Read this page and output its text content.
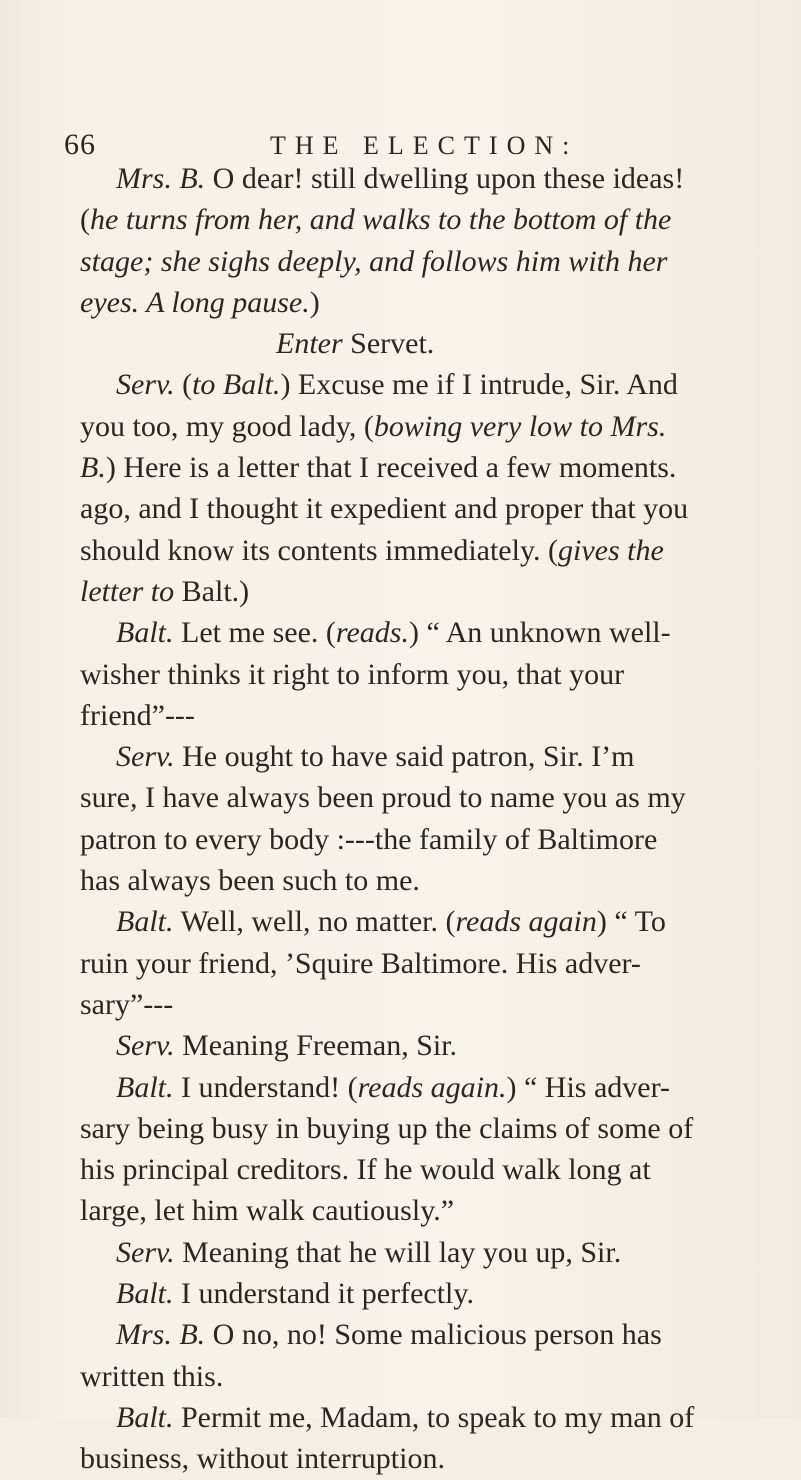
66	THE ELECTION:
Mrs. B. O dear! still dwelling upon these ideas!
(he turns from her, and walks to the bottom of the
stage; she sighs deeply, and follows him with her
eyes. A long pause.)
Enter Servet.
Serv. (to Balt.) Excuse me if I intrude, Sir. And
you too, my good lady, (bowing very low to Mrs.
B.) Here is a letter that I received a few moments.
ago, and I thought it expedient and proper that you
should know its contents immediately. (gives the
letter to Balt.)
Balt. Let me see. (reads.) “ An unknown well-
wisher thinks it right to inform you, that your
friend”---
Serv. He ought to have said patron, Sir. I’m
sure, I have always been proud to name you as my
patron to every body :---the family of Baltimore
has always been such to me.
Balt. Well, well, no matter. (reads again) “ To
ruin your friend, ’Squire Baltimore. His adver-
sary”---
Serv. Meaning Freeman, Sir.
Balt. I understand! (reads again.) “ His adver-
sary being busy in buying up the claims of some of
his principal creditors. If he would walk long at
large, let him walk cautiously.”
Serv. Meaning that he will lay you up, Sir.
Balt. I understand it perfectly.
Mrs. B. O no, no! Some malicious person has
written this.
Balt. Permit me, Madam, to speak to my man of
business, without interruption.
